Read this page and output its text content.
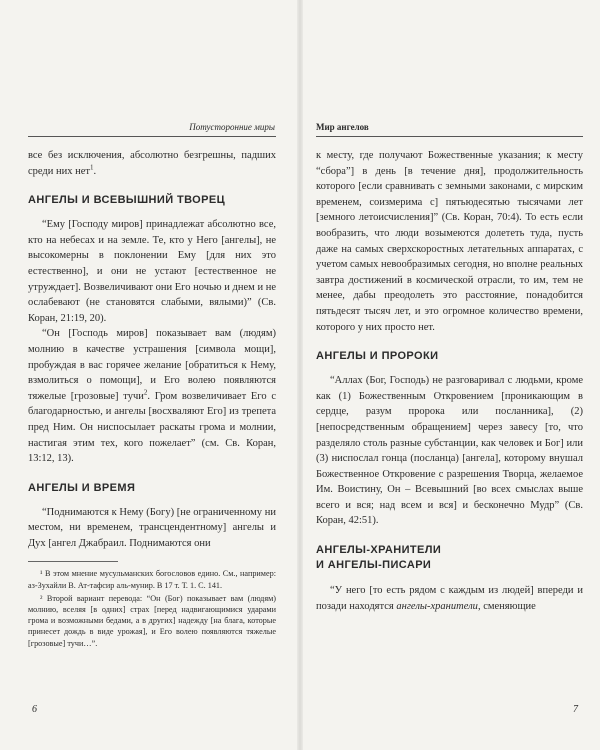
Потусторонние миры

все без исключения, абсолютно безгрешны, падших среди них нет$^1$.

АНГЕЛЫ И ВСЕВЫШНИЙ ТВОРЕЦ

“Ему [Господу миров] принадлежат абсолютно все, кто на небесах и на земле. Те, кто у Него [ангелы], не высокомерны в поклонении Ему [для них это естественно], и они не устают [естественное не утруждает]. Возвеличивают они Его ночью и днем и не ослабевают (не становятся слабыми, вялыми)” (Св. Коран, 21:19, 20).

“Он [Господь миров] показывает вам (людям) молнию в качестве устрашения [символа мощи], пробуждая в вас горячее желание [обратиться к Нему, взмолиться о помощи], и Его волею появляются тяжелые [грозовые] тучи$^2$. Гром возвеличивает Его с благодарностью, и ангелы [восхваляют Его] из трепета пред Ним. Он ниспосылает раскаты грома и молнии, настигая этим тех, кого пожелает” (см. Св. Коран, 13:12, 13).

АНГЕЛЫ И ВРЕМЯ

“Поднимаются к Нему (Богу) [не ограниченному ни местом, ни временем, трансцендентному] ангелы и Дух [ангел Джабраил. Поднимаются они

¹ В этом мнение мусульманских богословов едино. См., например: аз-Зухайли В. Ат-тафсир аль-мунир. В 17 т. Т. 1. С. 141.

² Второй вариант перевода: “Он (Бог) показывает вам (людям) молнию, вселяя [в одних] страх [перед надвигающимися ударами грома и возможными бедами, а в других] надежду [на блага, которые принесет дождь в виде урожая], и Его волею появляются тяжелые [грозовые] тучи…”.

6
Мир ангелов

к месту, где получают Божественные указания; к месту “сбора”] в день [в течение дня], продолжительность которого [если сравнивать с земными законами, с мирским временем, соизмерима с] пятьюдесятью тысячами лет [земного летоисчисления]” (Св. Коран, 70:4). То есть если вообразить, что люди возымеются долететь туда, пусть даже на самых сверхскоростных летательных аппаратах, с учетом самых невообразимых сегодня, но вполне реальных завтра достижений в космической отрасли, то им, тем не менее, дабы преодолеть это расстояние, понадобится пятьдесят тысяч лет, и это огромное количество времени, которого у них просто нет.

АНГЕЛЫ И ПРОРОКИ

“Аллах (Бог, Господь) не разговаривал с людьми, кроме как (1) Божественным Откровением [проникающим в сердце, разум пророка или посланника], (2) [непосредственным обращением] через завесу [то, что разделяло столь разные субстанции, как человек и Бог] или (3) ниспослал гонца (посланца) [ангела], которому внушал Божественное Откровение с разрешения Творца, желаемое Им. Воистину, Он – Всевышний [во всех смыслах выше всего и вся; над всем и вся] и бесконечно Мудр” (Св. Коран, 42:51).

АНГЕЛЫ-ХРАНИТЕЛИ
И АНГЕЛЫ-ПИСАРИ

“У него [то есть рядом с каждым из людей] впереди и позади находятся ангелы-хранители, сменяющие

7
